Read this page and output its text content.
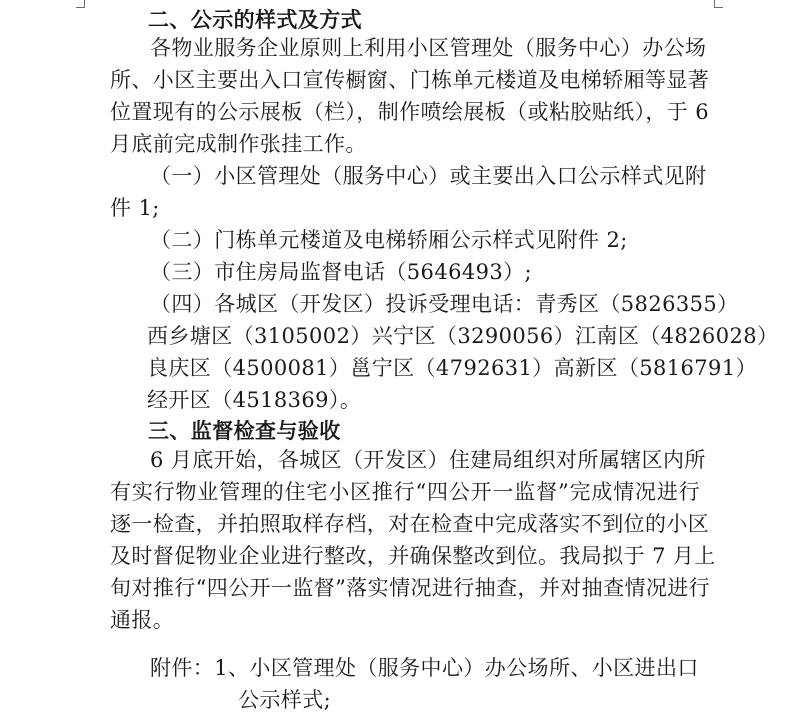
二、公示的样式及方式
各物业服务企业原则上利用小区管理处（服务中心）办公场
所、小区主要出入口宣传橱窗、门栋单元楼道及电梯轿厢等显著
位置现有的公示展板（栏），制作喷绘展板（或粘胶贴纸），于 6
月底前完成制作张挂工作。
（一）小区管理处（服务中心）或主要出入口公示样式见附
件 1;
（二）门栋单元楼道及电梯轿厢公示样式见附件 2;
（三）市住房局监督电话（5646493）;
（四）各城区（开发区）投诉受理电话：青秀区（5826355）
西乡塘区（3105002）兴宁区（3290056）江南区（4826028）
良庆区（4500081）邕宁区（4792631）高新区（5816791）
经开区（4518369）。
三、监督检查与验收
6 月底开始，各城区（开发区）住建局组织对所属辖区内所
有实行物业管理的住宅小区推行“四公开一监督”完成情况进行
逐一检查，并拍照取样存档，对在检查中完成落实不到位的小区
及时督促物业企业进行整改，并确保整改到位。我局拟于 7 月上
旬对推行“四公开一监督”落实情况进行抽查，并对抽查情况进行
通报。
附件：1、小区管理处（服务中心）办公场所、小区进出口
公示样式;
